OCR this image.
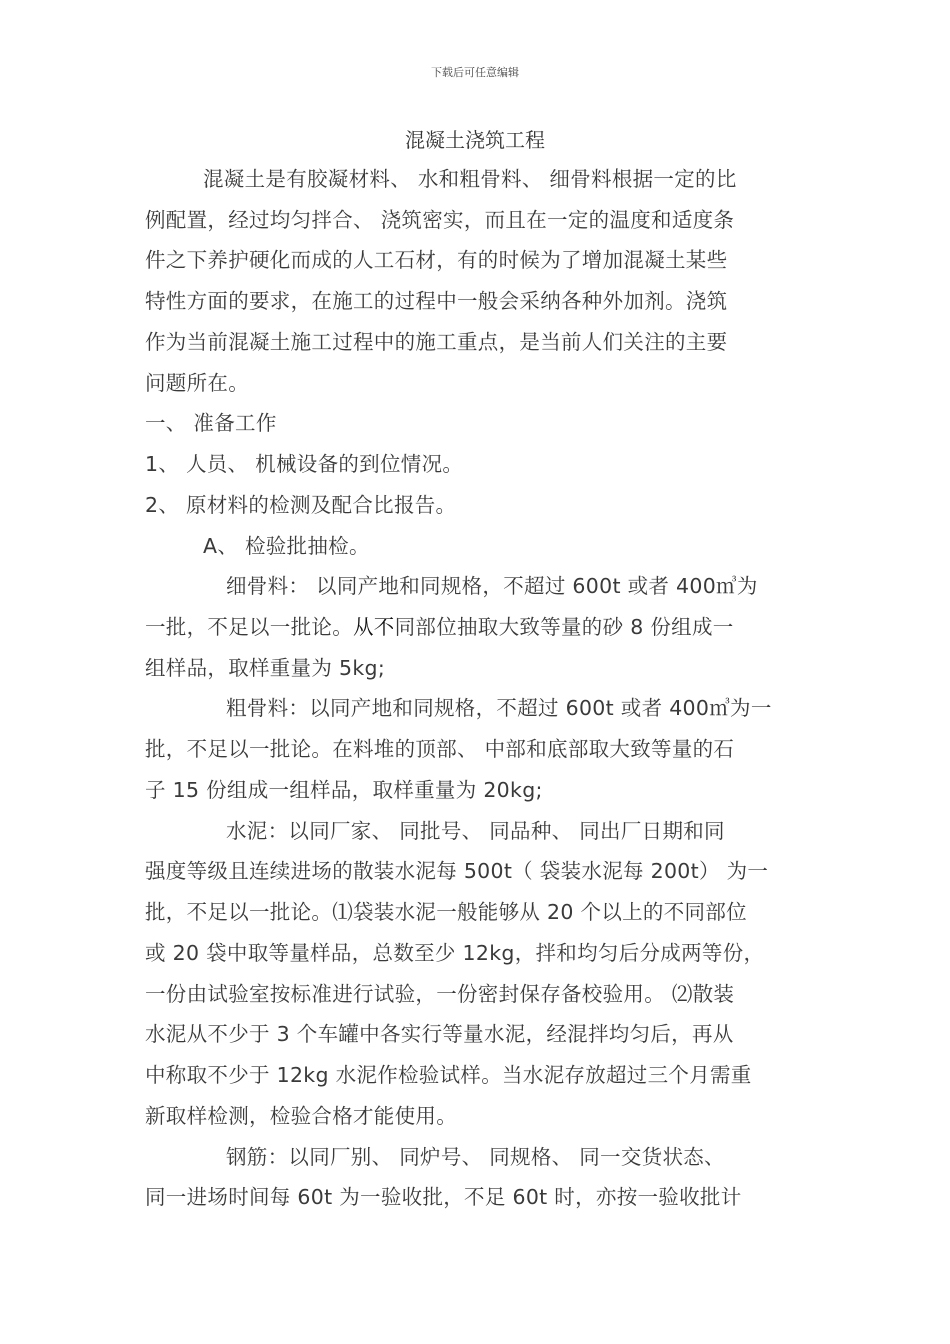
下载后可任意编辑
混凝土浇筑工程
混凝土是有胶凝材料、 水和粗骨料、 细骨料根据一定的比
例配置，经过均匀拌合、 浇筑密实，而且在一定的温度和适度条
件之下养护硬化而成的人工石材，有的时候为了增加混凝土某些
特性方面的要求，在施工的过程中一般会采纳各种外加剂。浇筑
作为当前混凝土施工过程中的施工重点，是当前人们关注的主要
问题所在。
一、 准备工作
1、 人员、 机械设备的到位情况。
2、 原材料的检测及配合比报告。
A、 检验批抽检。
细骨料： 以同产地和同规格，不超过 600t 或者 400㎥为
一批，不足以一批论。从不同部位抽取大致等量的砂 8 份组成一
组样品，取样重量为 5kg;
粗骨料：以同产地和同规格，不超过 600t 或者 400㎥为一
批，不足以一批论。在料堆的顶部、 中部和底部取大致等量的石
子 15 份组成一组样品，取样重量为 20kg;
水泥：以同厂家、 同批号、 同品种、 同出厂日期和同
强度等级且连续进场的散装水泥每 500t（ 袋装水泥每 200t） 为一
批，不足以一批论。⑴袋装水泥一般能够从 20 个以上的不同部位
或 20 袋中取等量样品，总数至少 12kg，拌和均匀后分成两等份，
一份由试验室按标准进行试验，一份密封保存备校验用。 ⑵散装
水泥从不少于 3 个车罐中各实行等量水泥，经混拌均匀后，再从
中称取不少于 12kg 水泥作检验试样。当水泥存放超过三个月需重
新取样检测，检验合格才能使用。
钢筋：以同厂别、 同炉号、 同规格、 同一交货状态、
同一进场时间每 60t 为一验收批，不足 60t 时，亦按一验收批计
